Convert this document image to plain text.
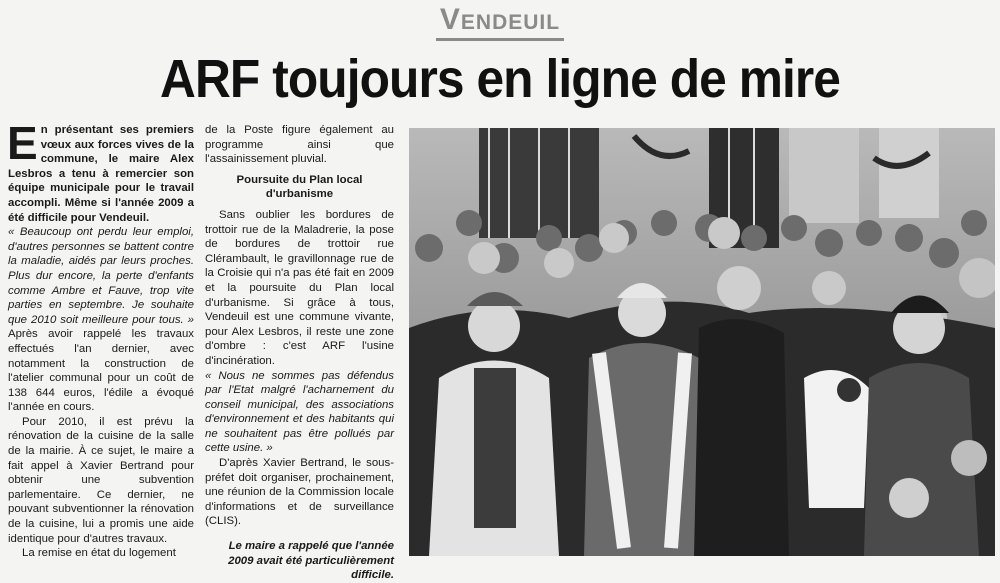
Vendeuil
ARF toujours en ligne de mire

En présentant ses premiers vœux aux forces vives de la commune, le maire Alex Lesbros a tenu à remercier son équipe municipale pour le travail accompli. Même si l'année 2009 a été difficile pour Vendeuil.

« Beaucoup ont perdu leur emploi, d'autres personnes se battent contre la maladie, aidés par leurs proches. Plus dur encore, la perte d'enfants comme Ambre et Fauve, trop vite parties en septembre. Je souhaite que 2010 soit meilleure pour tous. » Après avoir rappelé les travaux effectués l'an dernier, avec notamment la construction de l'atelier communal pour un coût de 138 644 euros, l'édile a évoqué l'année en cours.

Pour 2010, il est prévu la rénovation de la cuisine de la salle de la mairie. À ce sujet, le maire a fait appel à Xavier Bertrand pour obtenir une subvention parlementaire. Ce dernier, ne pouvant subventionner la rénovation de la cuisine, lui a promis une aide identique pour d'autres travaux.

La remise en état du logement

de la Poste figure également au programme ainsi que l'assainissement pluvial.

Poursuite du Plan local d'urbanisme

Sans oublier les bordures de trottoir rue de la Maladrerie, la pose de bordures de trottoir rue Clérambault, le gravillonnage rue de la Croisie qui n'a pas été fait en 2009 et la poursuite du Plan local d'urbanisme. Si grâce à tous, Vendeuil est une commune vivante, pour Alex Lesbros, il reste une zone d'ombre : c'est ARF l'usine d'incinération.

« Nous ne sommes pas défendus par l'Etat malgré l'acharnement du conseil municipal, des associations d'environnement et des habitants qui ne souhaitent pas être pollués par cette usine. »

D'après Xavier Bertrand, le sous-préfet doit organiser, prochainement, une réunion de la Commission locale d'informations et de surveillance (CLIS).

Le maire a rappelé que l'année 2009 avait été particulièrement difficile.
